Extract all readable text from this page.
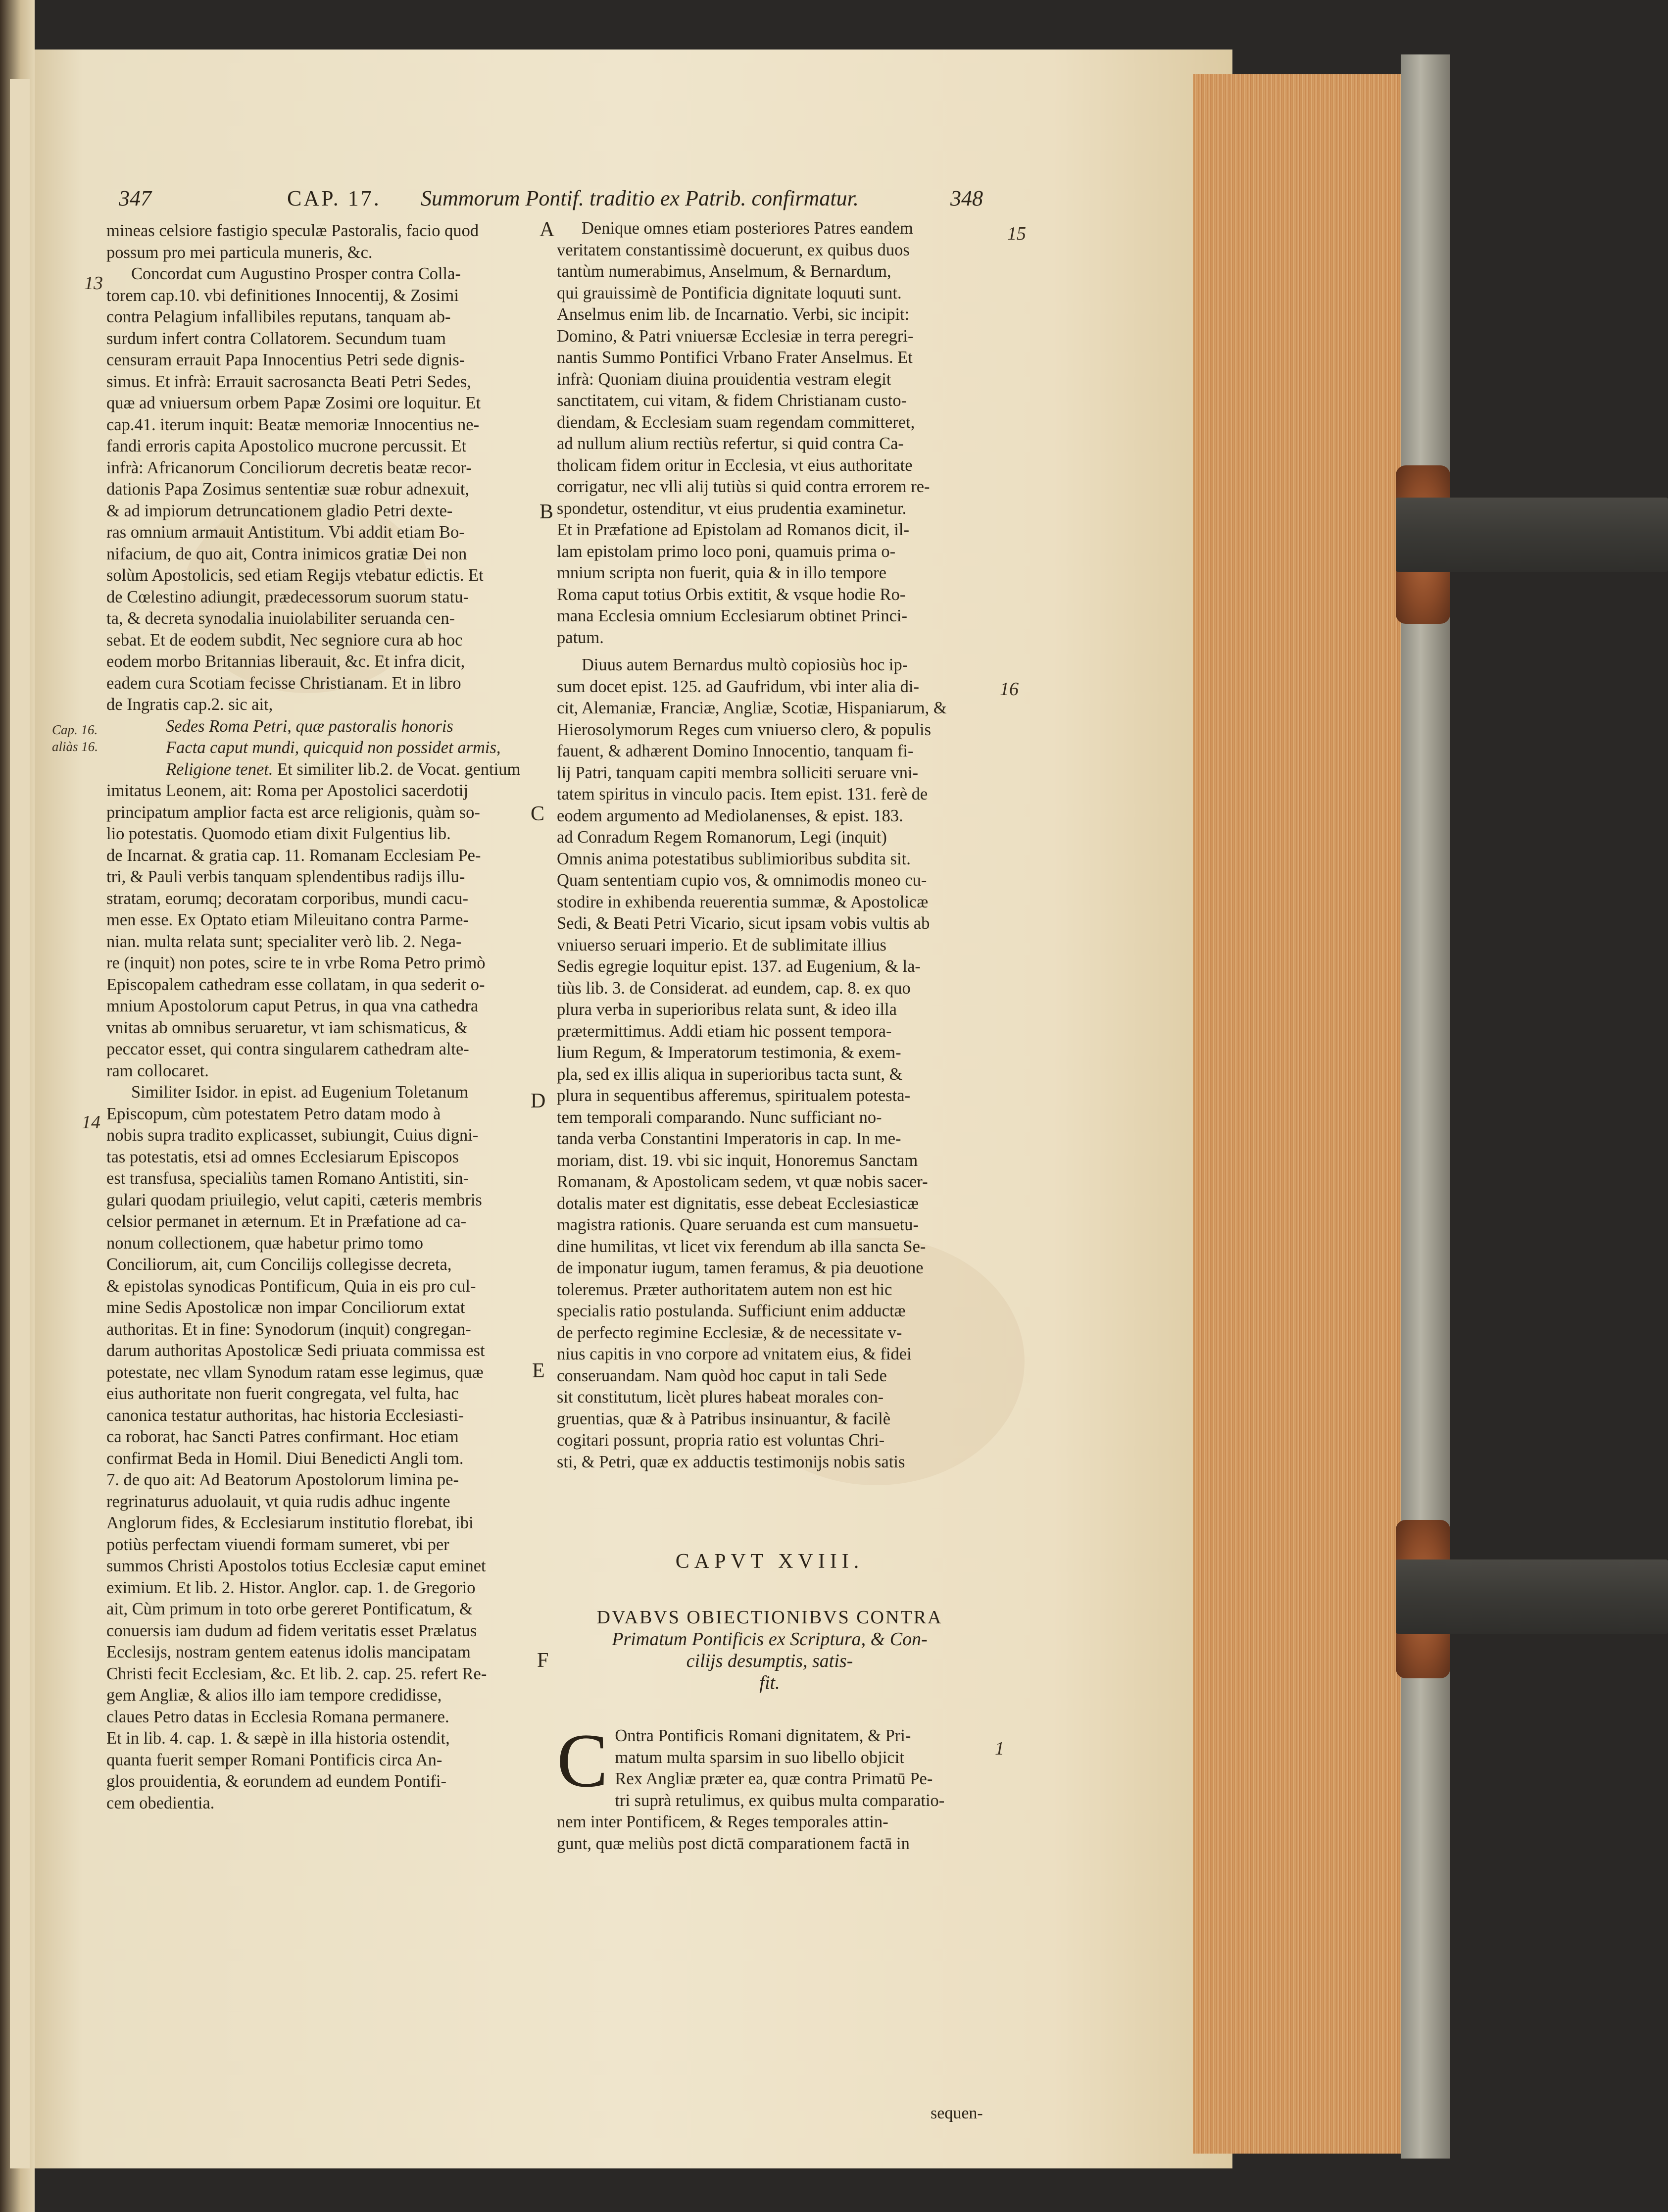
347	CAP. 17. Summorum Pontif. traditio ex Patrib. confirmatur.	348
13
14
15
16
1
Cap. 16.
aliàs 16.
A
B
C
D
E
F

mineas celsiore fastigio speculæ Pastoralis, facio quod
possum pro mei particula muneris, &c.

Concordat cum Augustino Prosper contra Colla-
torem cap.10. vbi definitiones Innocentij, & Zosimi
contra Pelagium infallibiles reputans, tanquam ab-
surdum infert contra Collatorem. Secundum tuam
censuram errauit Papa Innocentius Petri sede dignis-
simus. Et infrà: Errauit sacrosancta Beati Petri Sedes,
quæ ad vniuersum orbem Papæ Zosimi ore loquitur. Et
cap.41. iterum inquit: Beatæ memoriæ Innocentius ne-
fandi erroris capita Apostolico mucrone percussit. Et
infrà: Africanorum Conciliorum decretis beatæ recor-
dationis Papa Zosimus sententiæ suæ robur adnexuit,
& ad impiorum detruncationem gladio Petri dexte-
ras omnium armauit Antistitum. Vbi addit etiam Bo-
nifacium, de quo ait, Contra inimicos gratiæ Dei non
solùm Apostolicis, sed etiam Regijs vtebatur edictis. Et
de Cœlestino adiungit, prædecessorum suorum statu-
ta, & decreta synodalia inuiolabiliter seruanda cen-
sebat. Et de eodem subdit, Nec segniore cura ab hoc
eodem morbo Britannias liberauit, &c. Et infra dicit,
eadem cura Scotiam fecisse Christianam. Et in libro
de Ingratis cap.2. sic ait,

Sedes Roma Petri, quæ pastoralis honoris
Facta caput mundi, quicquid non possidet armis,

Religione tenet. Et similiter lib.2. de Vocat. gentium
imitatus Leonem, ait: Roma per Apostolici sacerdotij
principatum amplior facta est arce religionis, quàm so-
lio potestatis. Quomodo etiam dixit Fulgentius lib.
de Incarnat. & gratia cap. 11. Romanam Ecclesiam Pe-
tri, & Pauli verbis tanquam splendentibus radijs illu-
stratam, eorumq; decoratam corporibus, mundi cacu-
men esse. Ex Optato etiam Mileuitano contra Parme-
nian. multa relata sunt; specialiter verò lib. 2. Nega-
re (inquit) non potes, scire te in vrbe Roma Petro primò
Episcopalem cathedram esse collatam, in qua sederit o-
mnium Apostolorum caput Petrus, in qua vna cathedra
vnitas ab omnibus seruaretur, vt iam schismaticus, &
peccator esset, qui contra singularem cathedram alte-
ram collocaret.

Similiter Isidor. in epist. ad Eugenium Toletanum
Episcopum, cùm potestatem Petro datam modo à
nobis supra tradito explicasset, subiungit, Cuius digni-
tas potestatis, etsi ad omnes Ecclesiarum Episcopos
est transfusa, specialiùs tamen Romano Antistiti, sin-
gulari quodam priuilegio, velut capiti, cæteris membris
celsior permanet in æternum. Et in Præfatione ad ca-
nonum collectionem, quæ habetur primo tomo
Conciliorum, ait, cum Concilijs collegisse decreta,
& epistolas synodicas Pontificum, Quia in eis pro cul-
mine Sedis Apostolicæ non impar Conciliorum extat
authoritas. Et in fine: Synodorum (inquit) congregan-
darum authoritas Apostolicæ Sedi priuata commissa est
potestate, nec vllam Synodum ratam esse legimus, quæ
eius authoritate non fuerit congregata, vel fulta, hac
canonica testatur authoritas, hac historia Ecclesiasti-
ca roborat, hac Sancti Patres confirmant. Hoc etiam
confirmat Beda in Homil. Diui Benedicti Angli tom.
7. de quo ait: Ad Beatorum Apostolorum limina pe-
regrinaturus aduolauit, vt quia rudis adhuc ingente
Anglorum fides, & Ecclesiarum institutio florebat, ibi
potiùs perfectam viuendi formam sumeret, vbi per
summos Christi Apostolos totius Ecclesiæ caput eminet
eximium. Et lib. 2. Histor. Anglor. cap. 1. de Gregorio
ait, Cùm primum in toto orbe gereret Pontificatum, &
conuersis iam dudum ad fidem veritatis esset Prælatus
Ecclesijs, nostram gentem eatenus idolis mancipatam
Christi fecit Ecclesiam, &c. Et lib. 2. cap. 25. refert Re-
gem Angliæ, & alios illo iam tempore credidisse,
claues Petro datas in Ecclesia Romana permanere.
Et in lib. 4. cap. 1. & sæpè in illa historia ostendit,
quanta fuerit semper Romani Pontificis circa An-
glos prouidentia, & eorundem ad eundem Pontifi-
cem obedientia.

Denique omnes etiam posteriores Patres eandem
veritatem constantissimè docuerunt, ex quibus duos
tantùm numerabimus, Anselmum, & Bernardum,
qui grauissimè de Pontificia dignitate loquuti sunt.
Anselmus enim lib. de Incarnatio. Verbi, sic incipit:
Domino, & Patri vniuersæ Ecclesiæ in terra peregri-
nantis Summo Pontifici Vrbano Frater Anselmus. Et
infrà: Quoniam diuina prouidentia vestram elegit
sanctitatem, cui vitam, & fidem Christianam custo-
diendam, & Ecclesiam suam regendam committeret,
ad nullum alium rectiùs refertur, si quid contra Ca-
tholicam fidem oritur in Ecclesia, vt eius authoritate
corrigatur, nec vlli alij tutiùs si quid contra errorem re-
spondetur, ostenditur, vt eius prudentia examinetur.
Et in Præfatione ad Epistolam ad Romanos dicit, il-
lam epistolam primo loco poni, quamuis prima o-
mnium scripta non fuerit, quia & in illo tempore
Roma caput totius Orbis extitit, & vsque hodie Ro-
mana Ecclesia omnium Ecclesiarum obtinet Princi-
patum.

Diuus autem Bernardus multò copiosiùs hoc ip-
sum docet epist. 125. ad Gaufridum, vbi inter alia di-
cit, Alemaniæ, Franciæ, Angliæ, Scotiæ, Hispaniarum, &
Hierosolymorum Reges cum vniuerso clero, & populis
fauent, & adhærent Domino Innocentio, tanquam fi-
lij Patri, tanquam capiti membra solliciti seruare vni-
tatem spiritus in vinculo pacis. Item epist. 131. ferè de
eodem argumento ad Mediolanenses, & epist. 183.
ad Conradum Regem Romanorum, Legi (inquit)
Omnis anima potestatibus sublimioribus subdita sit.
Quam sententiam cupio vos, & omnimodis moneo cu-
stodire in exhibenda reuerentia summæ, & Apostolicæ
Sedi, & Beati Petri Vicario, sicut ipsam vobis vultis ab
vniuerso seruari imperio. Et de sublimitate illius
Sedis egregie loquitur epist. 137. ad Eugenium, & la-
tiùs lib. 3. de Considerat. ad eundem, cap. 8. ex quo
plura verba in superioribus relata sunt, & ideo illa
prætermittimus. Addi etiam hic possent tempora-
lium Regum, & Imperatorum testimonia, & exem-
pla, sed ex illis aliqua in superioribus tacta sunt, &
plura in sequentibus afferemus, spiritualem potesta-
tem temporali comparando. Nunc sufficiant no-
tanda verba Constantini Imperatoris in cap. In me-
moriam, dist. 19. vbi sic inquit, Honoremus Sanctam
Romanam, & Apostolicam sedem, vt quæ nobis sacer-
dotalis mater est dignitatis, esse debeat Ecclesiasticæ
magistra rationis. Quare seruanda est cum mansuetu-
dine humilitas, vt licet vix ferendum ab illa sancta Se-
de imponatur iugum, tamen feramus, & pia deuotione
toleremus. Præter authoritatem autem non est hic
specialis ratio postulanda. Sufficiunt enim adductæ
de perfecto regimine Ecclesiæ, & de necessitate v-
nius capitis in vno corpore ad vnitatem eius, & fidei
conseruandam. Nam quòd hoc caput in tali Sede
sit constitutum, licèt plures habeat morales con-
gruentias, quæ & à Patribus insinuantur, & facilè
cogitari possunt, propria ratio est voluntas Chri-
sti, & Petri, quæ ex adductis testimonijs nobis satis

CAPVT XVIII.
DVABVS OBIECTIONIBVS CONTRA
Primatum Pontificis ex Scriptura, & Con-
cilijs desumptis, satis-
fit.
C Ontra Pontificis Romani dignitatem, & Pri-
matum multa sparsim in suo libello objicit
Rex Angliæ præter ea, quæ contra Primatū Pe-
tri suprà retulimus, ex quibus multa comparatio-
nem inter Pontificem, & Reges temporales attin-
gunt, quæ meliùs post dictā comparationem factā in
sequen-
